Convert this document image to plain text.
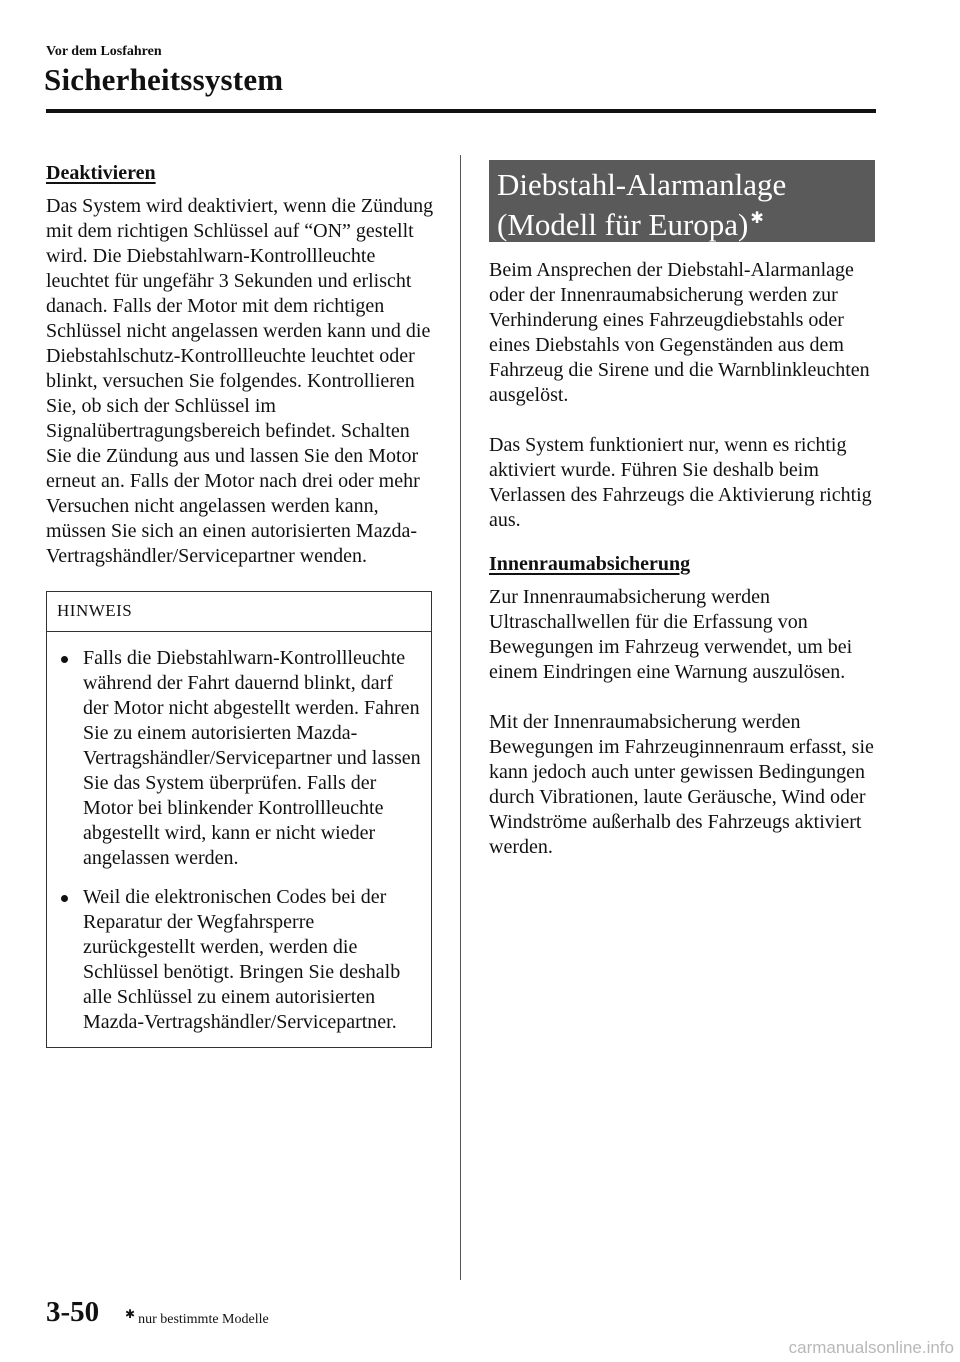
Vor dem Losfahren
Sicherheitssystem
Deaktivieren

Das System wird deaktiviert, wenn die Zündung mit dem richtigen Schlüssel auf “ON” gestellt wird. Die Diebstahlwarn-Kontrollleuchte leuchtet für ungefähr 3 Sekunden und erlischt danach. Falls der Motor mit dem richtigen Schlüssel nicht angelassen werden kann und die Diebstahlschutz-Kontrollleuchte leuchtet oder blinkt, versuchen Sie folgendes. Kontrollieren Sie, ob sich der Schlüssel im Signalübertragungsbereich befindet. Schalten Sie die Zündung aus und lassen Sie den Motor erneut an. Falls der Motor nach drei oder mehr Versuchen nicht angelassen werden kann, müssen Sie sich an einen autorisierten Mazda-Vertragshändler/Servicepartner wenden.

HINWEIS
Falls die Diebstahlwarn-Kontrollleuchte während der Fahrt dauernd blinkt, darf der Motor nicht abgestellt werden. Fahren Sie zu einem autorisierten Mazda-Vertragshändler/Servicepartner und lassen Sie das System überprüfen. Falls der Motor bei blinkender Kontrollleuchte abgestellt wird, kann er nicht wieder angelassen werden.
Weil die elektronischen Codes bei der Reparatur der Wegfahrsperre zurückgestellt werden, werden die Schlüssel benötigt. Bringen Sie deshalb alle Schlüssel zu einem autorisierten Mazda-Vertragshändler/Servicepartner.
Diebstahl-Alarmanlage (Modell für Europa) ✱

Beim Ansprechen der Diebstahl-Alarmanlage oder der Innenraumabsicherung werden zur Verhinderung eines Fahrzeugdiebstahls oder eines Diebstahls von Gegenständen aus dem Fahrzeug die Sirene und die Warnblinkleuchten ausgelöst.

Das System funktioniert nur, wenn es richtig aktiviert wurde. Führen Sie deshalb beim Verlassen des Fahrzeugs die Aktivierung richtig aus.

Innenraumabsicherung

Zur Innenraumabsicherung werden Ultraschallwellen für die Erfassung von Bewegungen im Fahrzeug verwendet, um bei einem Eindringen eine Warnung auszulösen.

Mit der Innenraumabsicherung werden Bewegungen im Fahrzeuginnenraum erfasst, sie kann jedoch auch unter gewissen Bedingungen durch Vibrationen, laute Geräusche, Wind oder Windströme außerhalb des Fahrzeugs aktiviert werden.

3-50 ✱ nur bestimmte Modelle
carmanualsonline.info
